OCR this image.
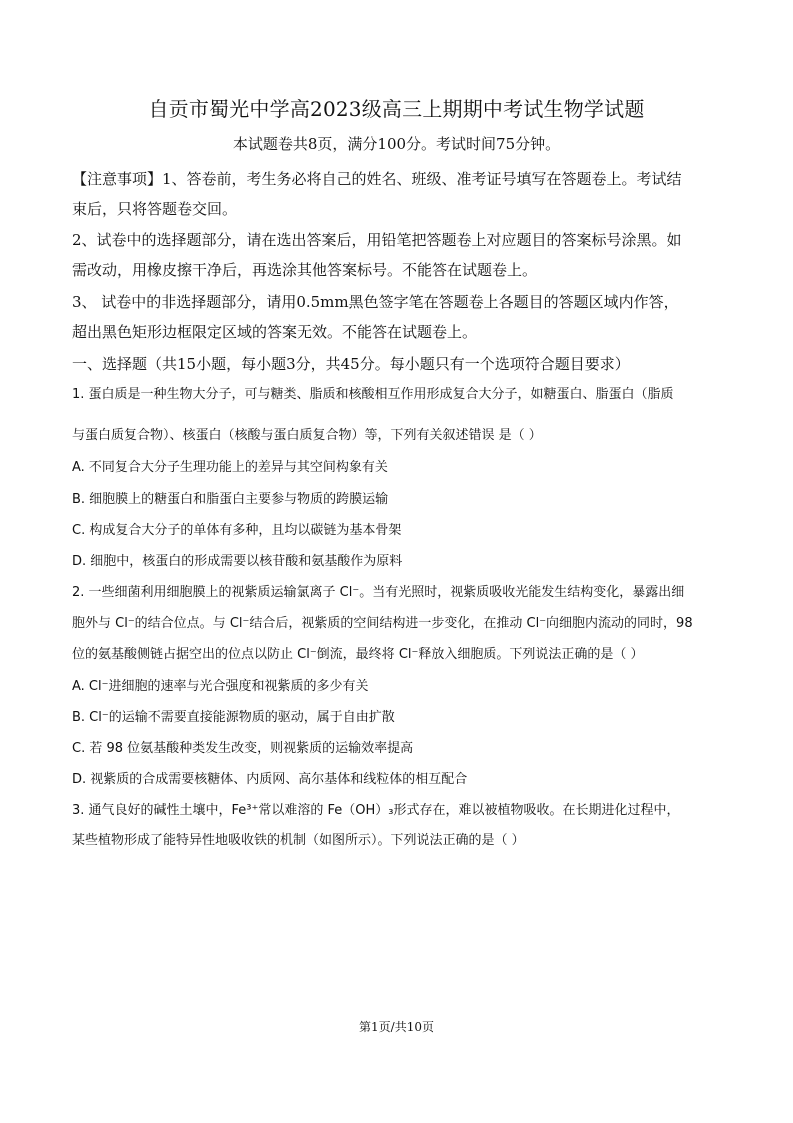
自贡市蜀光中学高2023级高三上期期中考试生物学试题
本试题卷共8页，满分100分。考试时间75分钟。
【注意事项】1、答卷前，考生务必将自己的姓名、班级、准考证号填写在答题卷上。考试结
束后，只将答题卷交回。
2、试卷中的选择题部分，请在选出答案后，用铅笔把答题卷上对应题目的答案标号涂黑。如
需改动，用橡皮擦干净后，再选涂其他答案标号。不能答在试题卷上。
3、 试卷中的非选择题部分，请用0.5mm黑色签字笔在答题卷上各题目的答题区域内作答，
超出黑色矩形边框限定区域的答案无效。不能答在试题卷上。
一、选择题（共15小题，每小题3分，共45分。每小题只有一个选项符合题目要求）
1. 蛋白质是一种生物大分子，可与糖类、脂质和核酸相互作用形成复合大分子，如糖蛋白、脂蛋白（脂质
与蛋白质复合物）、核蛋白（核酸与蛋白质复合物）等，下列有关叙述错误 是（ ）
A. 不同复合大分子生理功能上的差异与其空间构象有关
B. 细胞膜上的糖蛋白和脂蛋白主要参与物质的跨膜运输
C. 构成复合大分子的单体有多种，且均以碳链为基本骨架
D. 细胞中，核蛋白的形成需要以核苷酸和氨基酸作为原料
2. 一些细菌利用细胞膜上的视紫质运输氯离子 Cl⁻。当有光照时，视紫质吸收光能发生结构变化，暴露出细
胞外与 Cl⁻的结合位点。与 Cl⁻结合后，视紫质的空间结构进一步变化，在推动 Cl⁻向细胞内流动的同时，98
位的氨基酸侧链占据空出的位点以防止 Cl⁻倒流，最终将 Cl⁻释放入细胞质。下列说法正确的是（ ）
A. Cl⁻进细胞的速率与光合强度和视紫质的多少有关
B. Cl⁻的运输不需要直接能源物质的驱动，属于自由扩散
C. 若 98 位氨基酸种类发生改变，则视紫质的运输效率提高
D. 视紫质的合成需要核糖体、内质网、高尔基体和线粒体的相互配合
3. 通气良好的碱性土壤中，Fe³⁺常以难溶的 Fe（OH）₃形式存在，难以被植物吸收。在长期进化过程中，
某些植物形成了能特异性地吸收铁的机制（如图所示）。下列说法正确的是（ ）
第1页/共10页
